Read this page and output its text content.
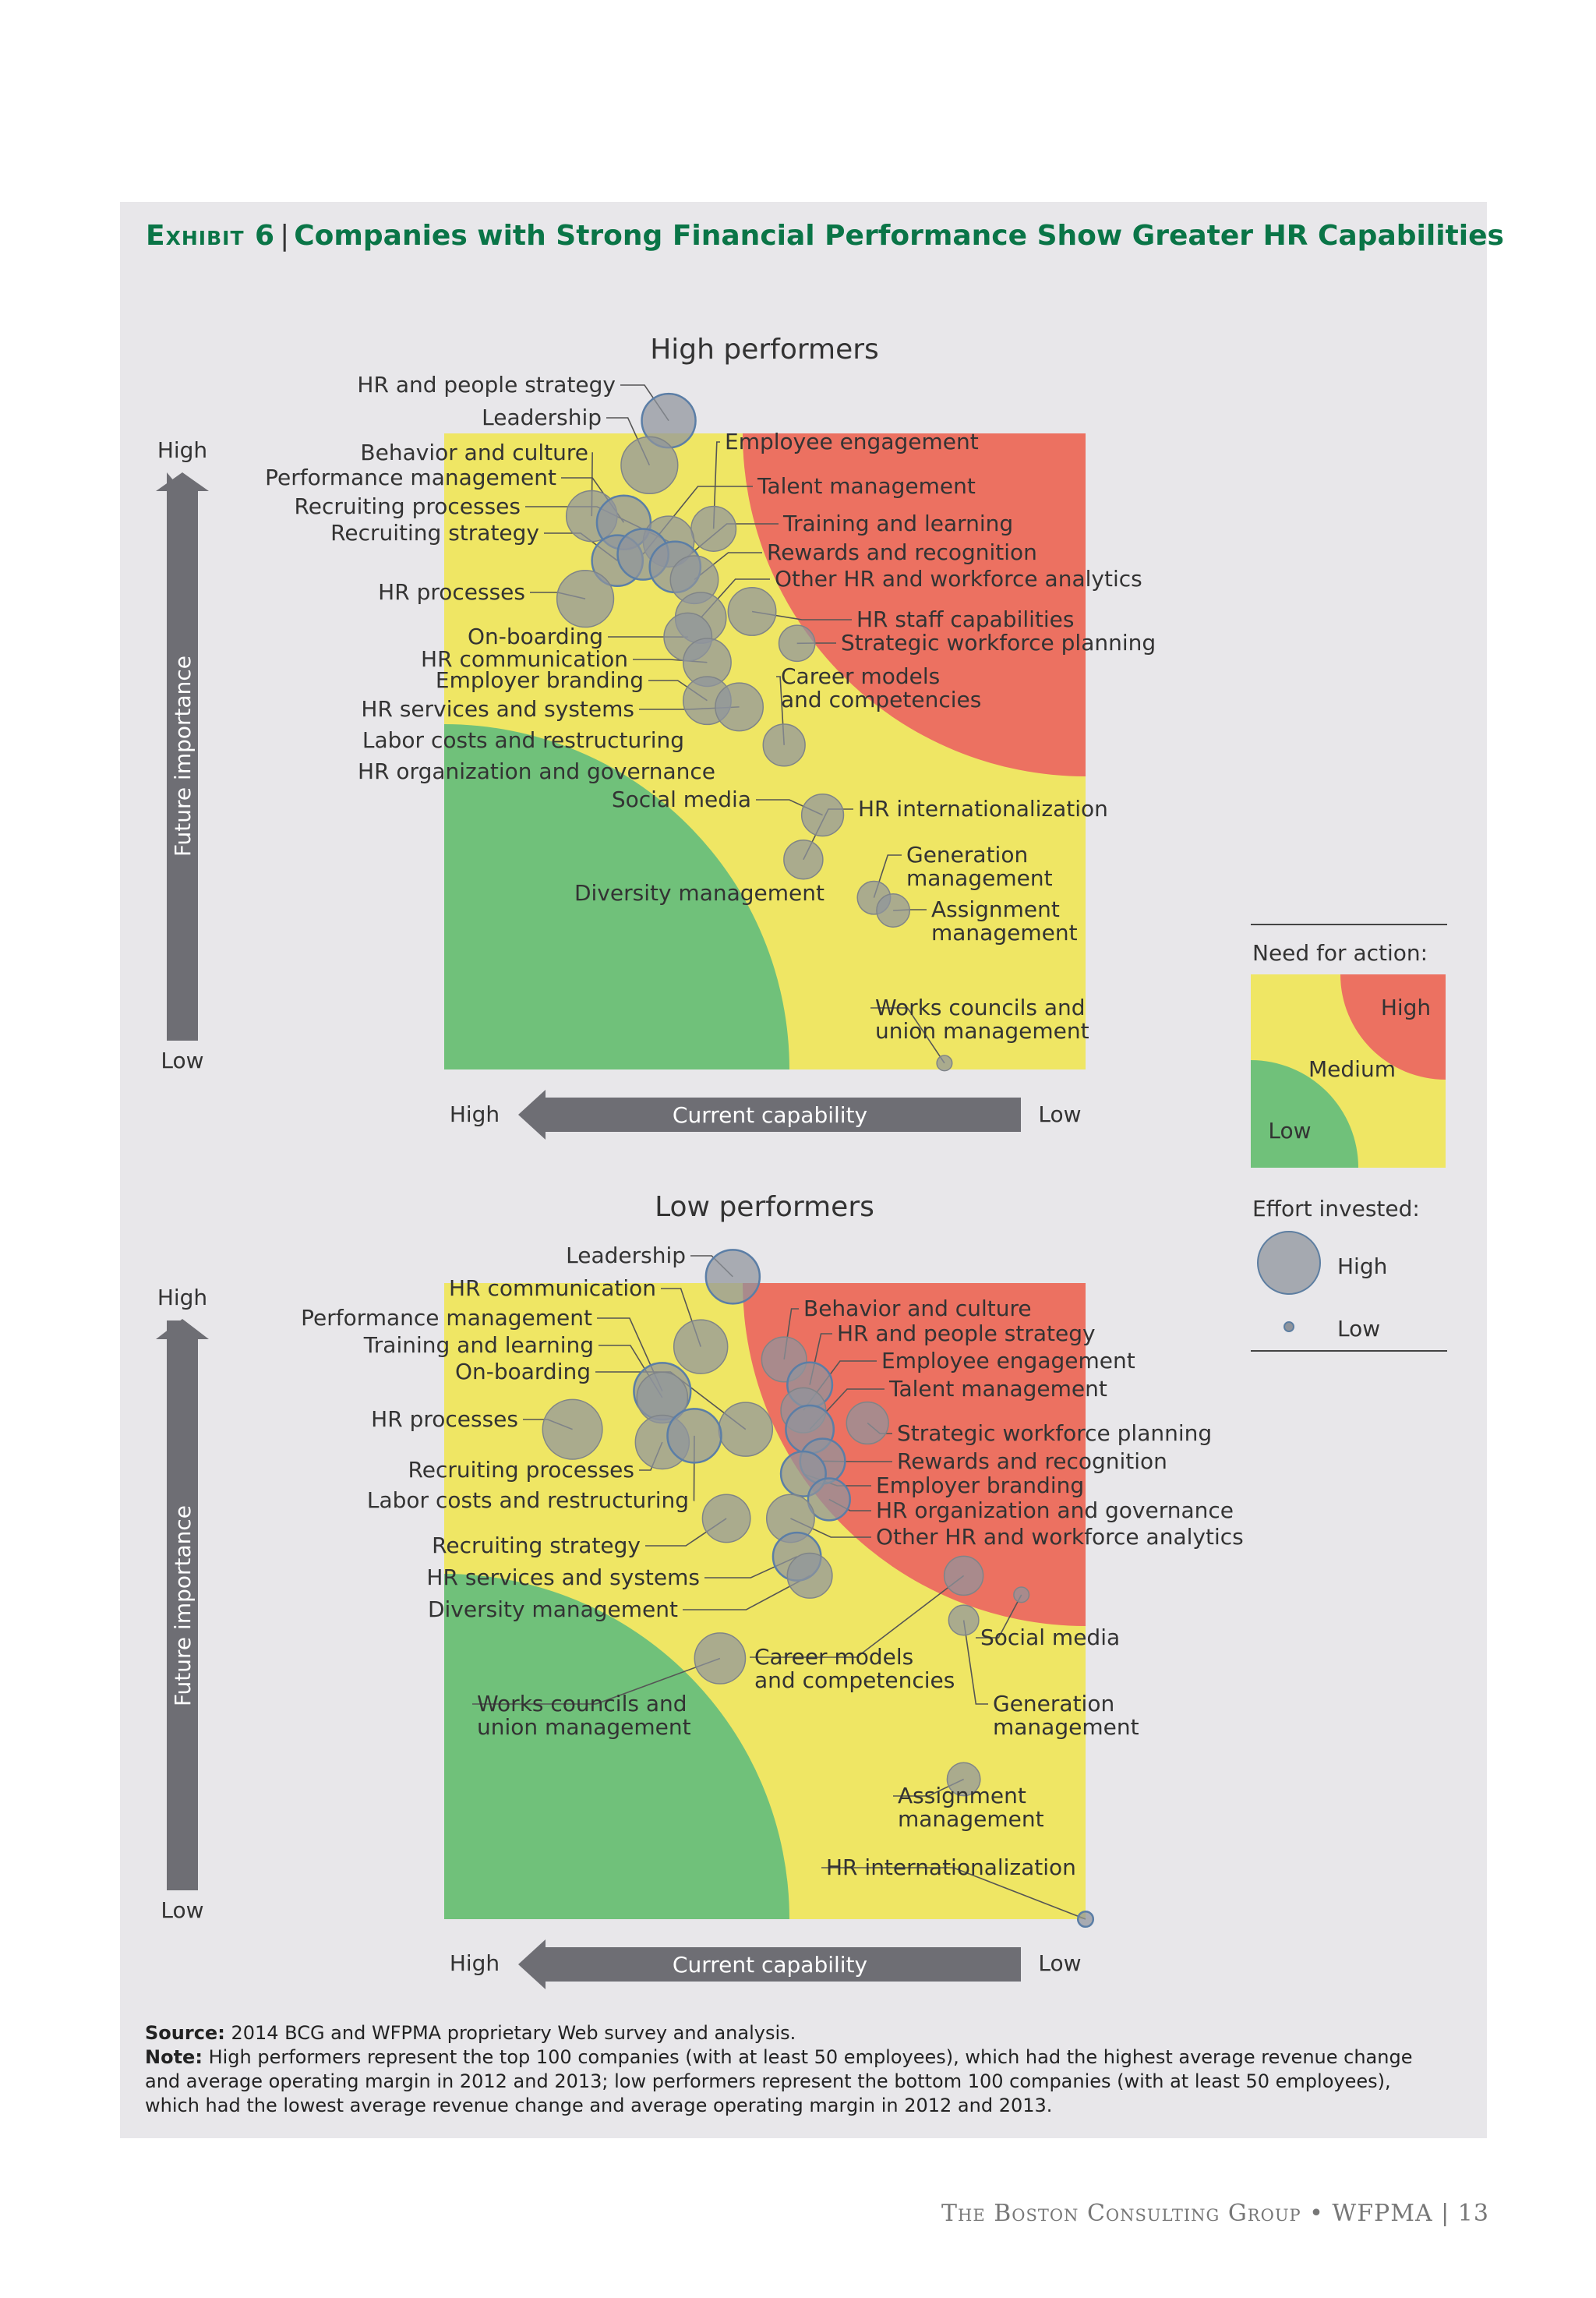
Exhibit 6 | Companies with Strong Financial Performance Show Greater HR Capabilities
High performers
High
Future importance
Low
High	Current capability	Low
HR and people strategy
Leadership
Employee engagement
Behavior and culture
Performance management
Recruiting processes
Recruiting strategy
Talent management
Training and learning
Rewards and recognition
HR processes
Other HR and workforce analytics
HR staff capabilities
Strategic workforce planning
On-boarding
HR communication
Employer branding
HR services and systems
Career models and competencies
Social media	HR internationalization
Generation management
Assignment management
Works councils and union management
Labor costs and restructuring
HR organization and governance
Diversity management
Low performers
High
Future importance
Low
High	Current capability	Low
Leadership
HR communication
Behavior and culture
HR and people strategy
Performance management
Training and learning
Employee engagement
Talent management
On-boarding
HR processes
Strategic workforce planning
Recruiting processes
Labor costs and restructuring
Rewards and recognition
Employer branding
HR organization and governance
Recruiting strategy	Other HR and workforce analytics
HR services and systems
Diversity management
Career models and competencies
Social media
Generation management
Works councils and union management
Assignment management
HR internationalization
Need for action:
High
Medium
Low
Effort invested:
High
Low
Source: 2014 BCG and WFPMA proprietary Web survey and analysis.
Note: High performers represent the top 100 companies (with at least 50 employees), which had the highest average revenue change and average operating margin in 2012 and 2013; low performers represent the bottom 100 companies (with at least 50 employees), which had the lowest average revenue change and average operating margin in 2012 and 2013.
The Boston Consulting Group • WFPMA | 13
